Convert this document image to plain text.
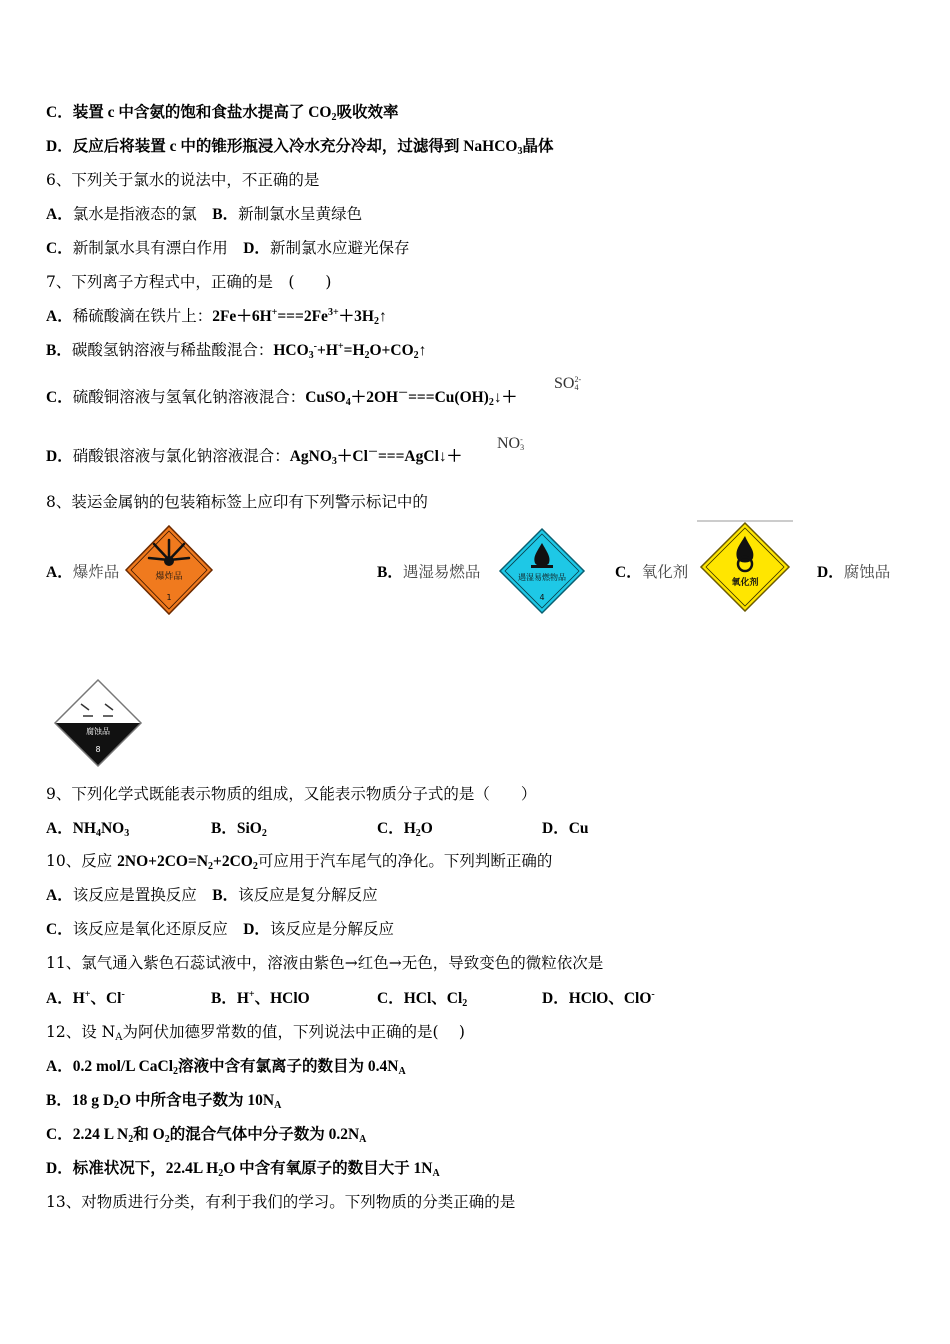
C．装置 c 中含氨的饱和食盐水提高了 $CO_2$吸收效率
D．反应后将装置 c 中的锥形瓶浸入冷水充分冷却，过滤得到 NaHCO$_3$晶体
6、下列关于氯水的说法中，不正确的是
A．氯水是指液态的氯　 B．新制氯水呈黄绿色
C．新制氯水具有漂白作用　 D．新制氯水应避光保存
7、下列离子方程式中，正确的是　(　　)
A．稀硫酸滴在铁片上：$2Fe+6H^+===2Fe^{3+}+3H_2↑$
B．碳酸氢钠溶液与稀盐酸混合：$HCO_3^-+H^+=H_2O+CO_2↑$
C．硫酸铜溶液与氢氧化钠溶液混合：$CuSO_4+2OH^-===Cu(OH)_2↓+$
SO 2-
4
D．硝酸银溶液与氯化钠溶液混合：AgNO$_3$＋Cl－===AgCl↓＋
NO -
3
8、装运金属钠的包装箱标签上应印有下列警示标记中的
A．爆炸品	爆炸品
1
B．遇湿易燃品	遇湿易燃物品
4
C．氧化剂
氧化剂
D．腐蚀品
腐蚀品
8
9、下列化学式既能表示物质的组成，又能表示物质分子式的是（　　）
A．$NH_4NO_3$	B．SiO$_2$	C．$H_2O$	D．Cu
10、反应 $2NO+2CO=N_2+2CO_2$可应用于汽车尾气的净化。下列判断正确的
A．该反应是置换反应　 B．该反应是复分解反应
C．该反应是氧化还原反应　 D．该反应是分解反应
11、氯气通入紫色石蕊试液中，溶液由紫色→红色→无色，导致变色的微粒依次是
A．H+、Cl-	B．H+、HClO	C．HCl、$Cl_2$	D．HClO、ClO-
12、设 $N_A$为阿伏加德罗常数的值，下列说法中正确的是(　 )
A．0.2 mol/L CaCl$_2$溶液中含有氯离子的数目为 $0.4N_A$
B．18 g $D_2O$ 中所含电子数为 $10N_A$
C．2.24 L $N_2$和 $O_2$的混合气体中分子数为 $0.2N_A$
D．标准状况下，22.4L $H_2O$ 中含有氧原子的数目大于 $1N_A$
13、对物质进行分类，有利于我们的学习。下列物质的分类正确的是
